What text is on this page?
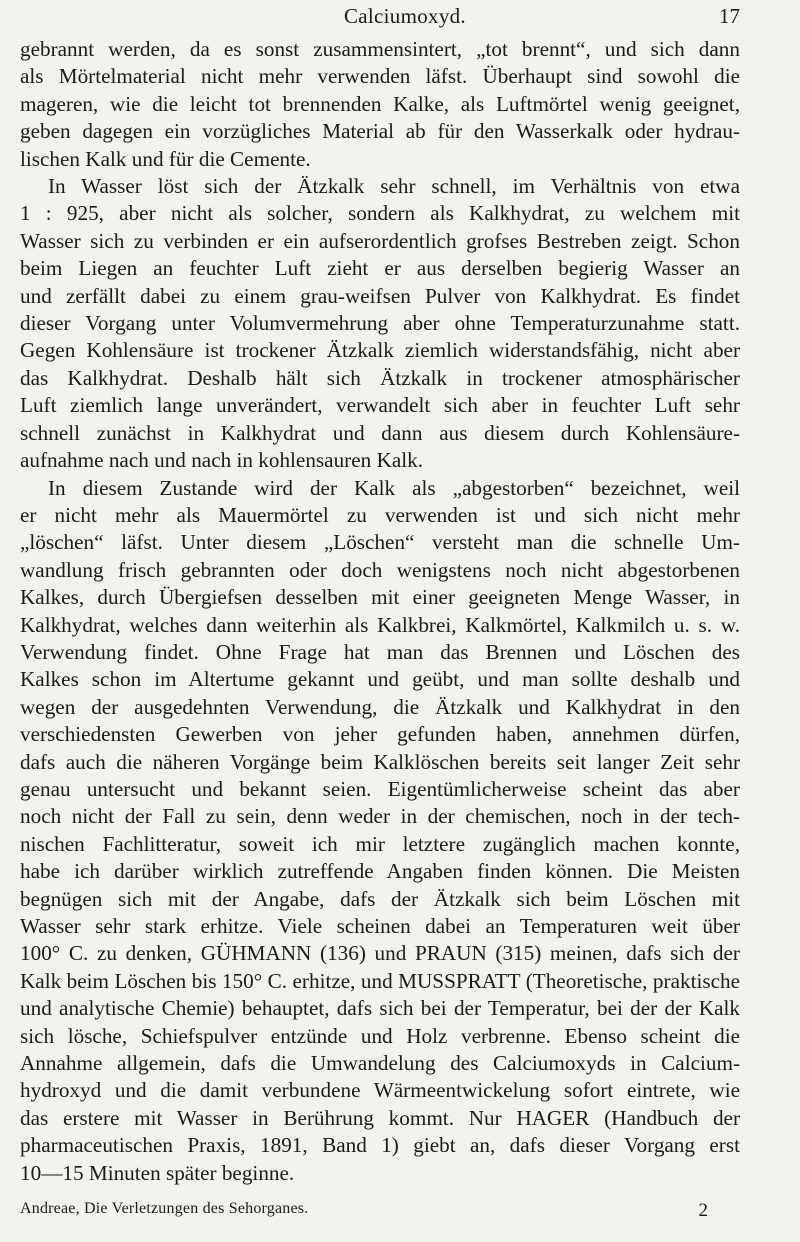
Calciumoxyd.	17

gebrannt werden, da es sonst zusammensintert, „tot brennt“, und sich dann
als Mörtelmaterial nicht mehr verwenden läfst. Überhaupt sind sowohl die
mageren, wie die leicht tot brennenden Kalke, als Luftmörtel wenig geeignet,
geben dagegen ein vorzügliches Material ab für den Wasserkalk oder hydrau-
lischen Kalk und für die Cemente.

In Wasser löst sich der Ätzkalk sehr schnell, im Verhältnis von etwa
1 : 925, aber nicht als solcher, sondern als Kalkhydrat, zu welchem mit
Wasser sich zu verbinden er ein aufserordentlich grofses Bestreben zeigt. Schon
beim Liegen an feuchter Luft zieht er aus derselben begierig Wasser an
und zerfällt dabei zu einem grau-weifsen Pulver von Kalkhydrat. Es findet
dieser Vorgang unter Volumvermehrung aber ohne Temperaturzunahme statt.
Gegen Kohlensäure ist trockener Ätzkalk ziemlich widerstandsfähig, nicht aber
das Kalkhydrat. Deshalb hält sich Ätzkalk in trockener atmosphärischer
Luft ziemlich lange unverändert, verwandelt sich aber in feuchter Luft sehr
schnell zunächst in Kalkhydrat und dann aus diesem durch Kohlensäure-
aufnahme nach und nach in kohlensauren Kalk.

In diesem Zustande wird der Kalk als „abgestorben“ bezeichnet, weil
er nicht mehr als Mauermörtel zu verwenden ist und sich nicht mehr
„löschen“ läfst. Unter diesem „Löschen“ versteht man die schnelle Um-
wandlung frisch gebrannten oder doch wenigstens noch nicht abgestorbenen
Kalkes, durch Übergiefsen desselben mit einer geeigneten Menge Wasser, in
Kalkhydrat, welches dann weiterhin als Kalkbrei, Kalkmörtel, Kalkmilch u. s. w.
Verwendung findet. Ohne Frage hat man das Brennen und Löschen des
Kalkes schon im Altertume gekannt und geübt, und man sollte deshalb und
wegen der ausgedehnten Verwendung, die Ätzkalk und Kalkhydrat in den
verschiedensten Gewerben von jeher gefunden haben, annehmen dürfen,
dafs auch die näheren Vorgänge beim Kalklöschen bereits seit langer Zeit sehr
genau untersucht und bekannt seien. Eigentümlicherweise scheint das aber
noch nicht der Fall zu sein, denn weder in der chemischen, noch in der tech-
nischen Fachlitteratur, soweit ich mir letztere zugänglich machen konnte,
habe ich darüber wirklich zutreffende Angaben finden können. Die Meisten
begnügen sich mit der Angabe, dafs der Ätzkalk sich beim Löschen mit
Wasser sehr stark erhitze. Viele scheinen dabei an Temperaturen weit über
100° C. zu denken, GÜHMANN (136) und PRAUN (315) meinen, dafs sich der
Kalk beim Löschen bis 150° C. erhitze, und MUSSPRATT (Theoretische, praktische
und analytische Chemie) behauptet, dafs sich bei der Temperatur, bei der der Kalk
sich lösche, Schiefspulver entzünde und Holz verbrenne. Ebenso scheint die
Annahme allgemein, dafs die Umwandelung des Calciumoxyds in Calcium-
hydroxyd und die damit verbundene Wärmeentwickelung sofort eintrete, wie
das erstere mit Wasser in Berührung kommt. Nur HAGER (Handbuch der
pharmaceutischen Praxis, 1891, Band 1) giebt an, dafs dieser Vorgang erst
10—15 Minuten später beginne.

Andreae, Die Verletzungen des Sehorganes.	2
